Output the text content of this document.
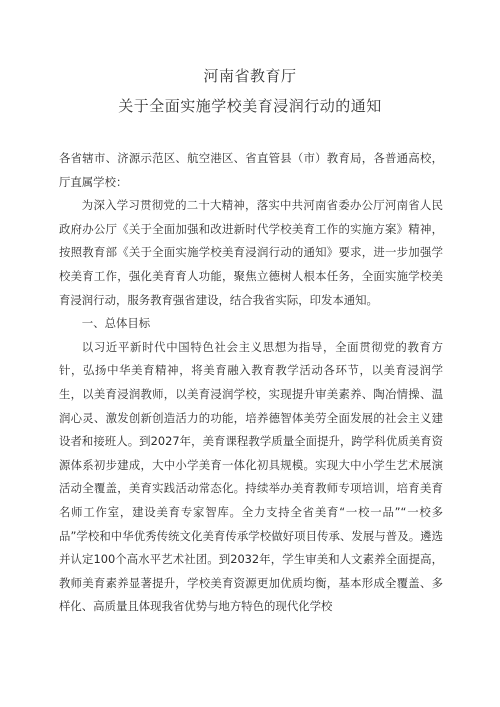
河南省教育厅
关于全面实施学校美育浸润行动的通知

各省辖市、济源示范区、航空港区、省直管县（市）教育局，各普通高校，厅直属学校：

为深入学习贯彻党的二十大精神，落实中共河南省委办公厅河南省人民政府办公厅《关于全面加强和改进新时代学校美育工作的实施方案》精神，按照教育部《关于全面实施学校美育浸润行动的通知》要求，进一步加强学校美育工作，强化美育育人功能，聚焦立德树人根本任务，全面实施学校美育浸润行动，服务教育强省建设，结合我省实际，印发本通知。

一、总体目标

以习近平新时代中国特色社会主义思想为指导，全面贯彻党的教育方针，弘扬中华美育精神，将美育融入教育教学活动各环节，以美育浸润学生，以美育浸润教师，以美育浸润学校，实现提升审美素养、陶冶情操、温润心灵、激发创新创造活力的功能，培养德智体美劳全面发展的社会主义建设者和接班人。到2027年，美育课程教学质量全面提升，跨学科优质美育资源体系初步建成，大中小学美育一体化初具规模。实现大中小学生艺术展演活动全覆盖，美育实践活动常态化。持续举办美育教师专项培训，培育美育名师工作室，建设美育专家智库。全力支持全省美育“一校一品”“一校多品”学校和中华优秀传统文化美育传承学校做好项目传承、发展与普及。遴选并认定100个高水平艺术社团。到2032年，学生审美和人文素养全面提高，教师美育素养显著提升，学校美育资源更加优质均衡，基本形成全覆盖、多样化、高质量且体现我省优势与地方特色的现代化学校
